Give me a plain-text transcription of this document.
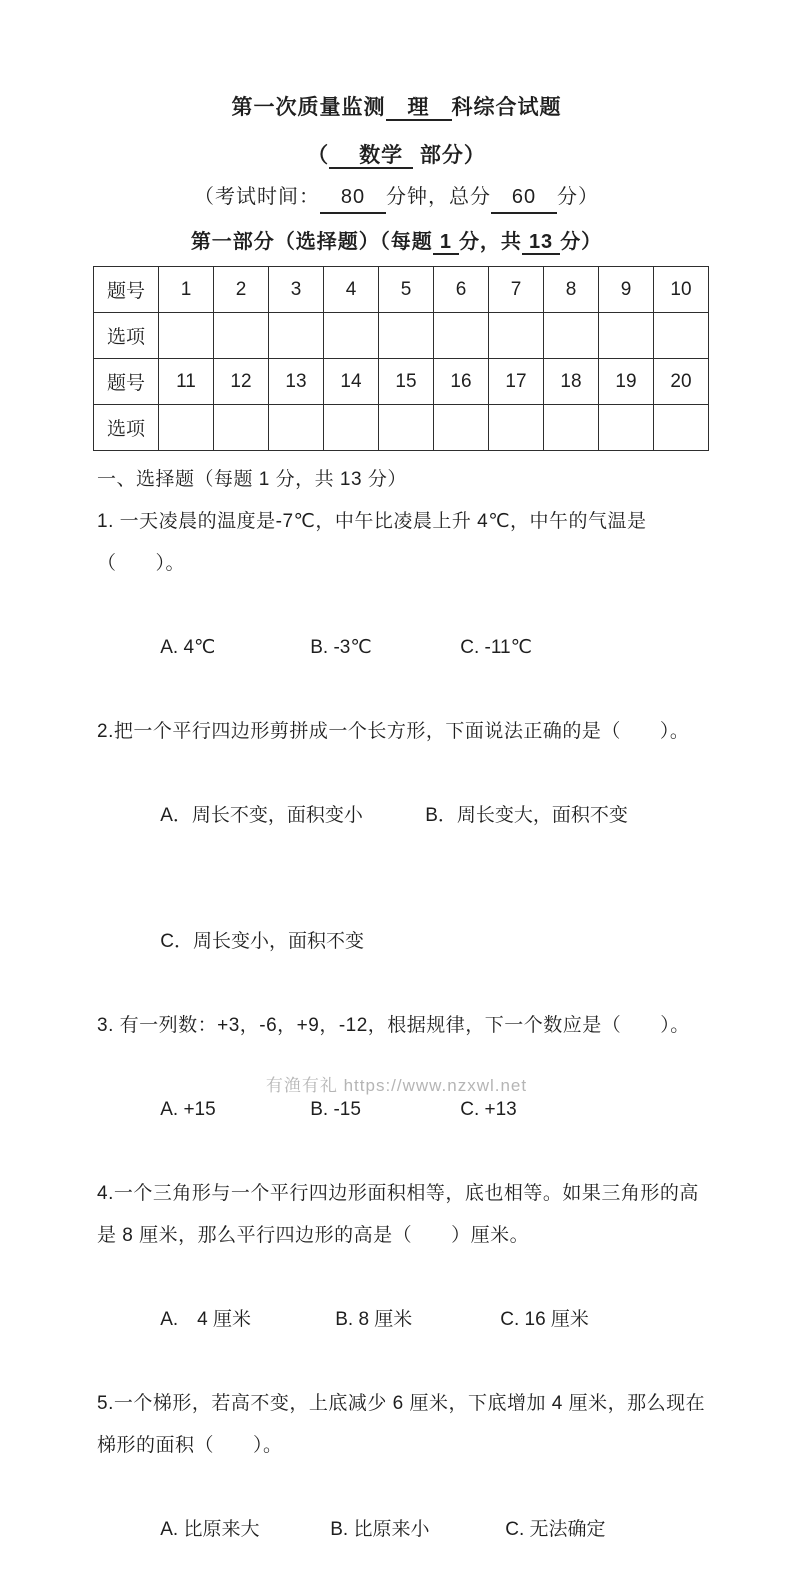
第一次质量监测 理 科综合试题
（ 数学 部分）
（考试时间： 80 分钟，总分 60 分）
第一部分（选择题）（每题 1 分，共 13 分）
题号	1	2	3	4	5	6	7	8	9	10
选项										
题号	11	12	13	14	15	16	17	18	19	20
选项										
一、选择题（每题 1 分，共 13 分）
1. 一天凌晨的温度是-7℃，中午比凌晨上升 4℃，中午的气温是（　　）。

A. 4℃	B. -3℃	C. -11℃

2.把一个平行四边形剪拼成一个长方形，下面说法正确的是（　　）。

A．周长不变，面积变小	B．周长变大，面积不变

C．周长变小，面积不变

3. 有一列数：+3，-6，+9，-12，根据规律，下一个数应是（　　）。

A. +15	B. -15	C. +13

4.一个三角形与一个平行四边形面积相等，底也相等。如果三角形的高
是 8 厘米，那么平行四边形的高是（　　）厘米。

A.　4 厘米	B. 8 厘米	C. 16 厘米

5.一个梯形，若高不变，上底减少 6 厘米，下底增加 4 厘米，那么现在
梯形的面积（　　）。

A. 比原来大	B. 比原来小	C. 无法确定

有渔有礼 https://www.nzxwl.net
